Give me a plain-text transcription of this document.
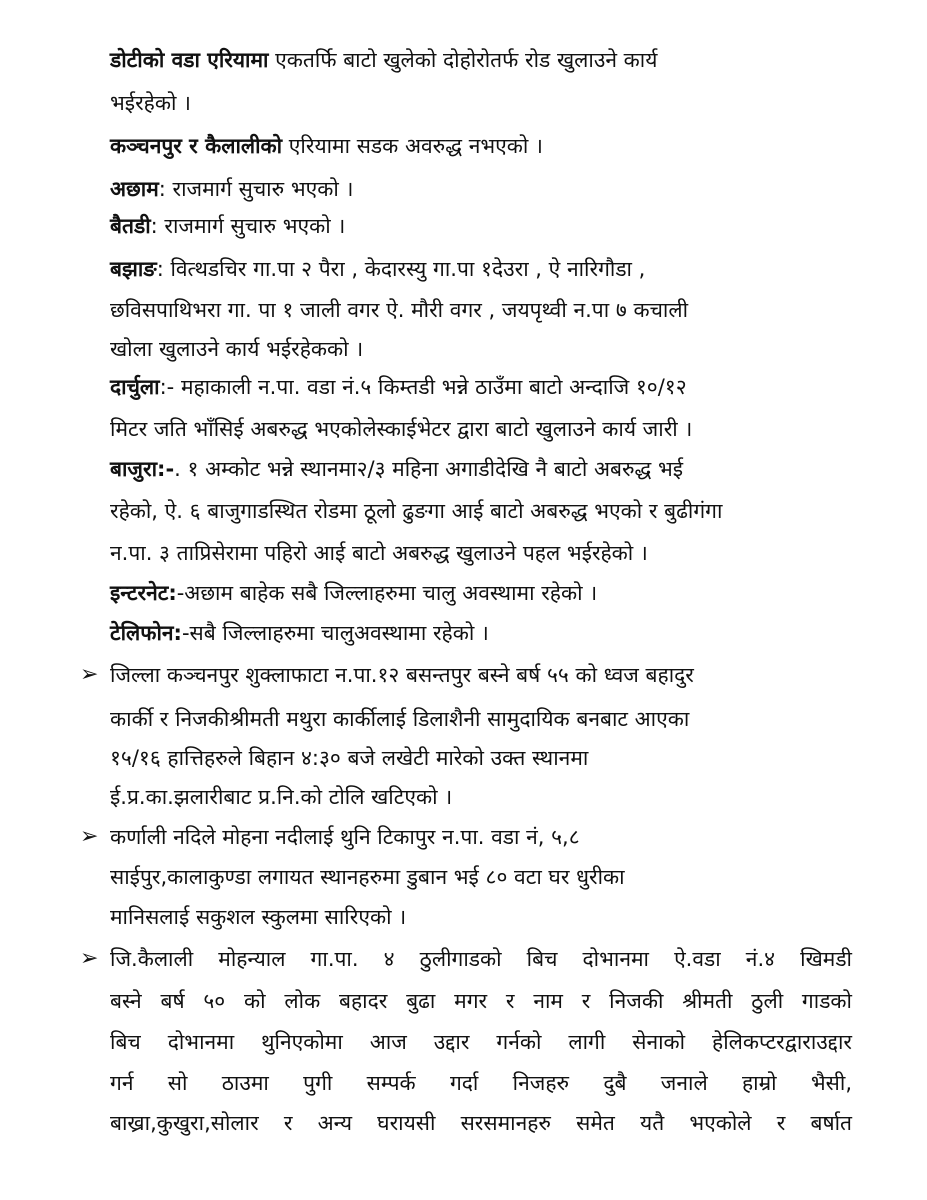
डोटीको वडा एरियामा एकतर्फि बाटो खुलेको दोहोरोतर्फ रोड खुलाउने कार्य
भईरहेको ।
कञ्चनपुर र कैलालीको एरियामा सडक अवरुद्ध नभएको ।
अछाम: राजमार्ग सुचारु भएको ।
बैतडी: राजमार्ग सुचारु भएको ।
बझाङ: वित्थडचिर गा.पा २ पैरा , केदारस्यु गा.पा १देउरा , ऐ नारिगौडा ,
छविसपाथिभरा गा. पा १ जाली वगर ऐ. मौरी वगर , जयपृथ्वी न.पा ७ कचाली
खोला खुलाउने कार्य भईरहेकको ।
दार्चुला:- महाकाली न.पा. वडा नं.५ किम्तडी भन्ने ठाउँमा बाटो अन्दाजि १०/१२
मिटर जति भाँसिई अबरुद्ध भएकोलेस्काईभेटर द्वारा बाटो खुलाउने कार्य जारी ।
बाजुरा:-. १ अम्कोट भन्ने स्थानमा२/३ महिना अगाडीदेखि नै बाटो अबरुद्ध भई
रहेको, ऐ. ६ बाजुगाडस्थित रोडमा ठूलो ढुङगा आई बाटो अबरुद्ध भएको र बुढीगंगा
न.पा. ३ ताप्रिसेरामा पहिरो आई बाटो अबरुद्ध खुलाउने पहल भईरहेको ।
इन्टरनेट:-अछाम बाहेक सबै जिल्लाहरुमा चालु अवस्थामा रहेको ।
टेलिफोन:-सबै जिल्लाहरुमा चालुअवस्थामा रहेको ।
➢ जिल्ला कञ्चनपुर शुक्लाफाटा न.पा.१२ बसन्तपुर बस्ने बर्ष ५५ को ध्वज बहादुर
कार्की र निजकीश्रीमती मथुरा कार्कीलाई डिलाशैनी सामुदायिक बनबाट आएका
१५/१६ हात्तिहरुले बिहान ४:३० बजे लखेटी मारेको उक्त स्थानमा
ई.प्र.का.झलारीबाट प्र.नि.को टोलि खटिएको ।
➢ कर्णाली नदिले मोहना नदीलाई थुनि टिकापुर न.पा. वडा नं, ५,८
साईपुर,कालाकुण्डा लगायत स्थानहरुमा डुबान भई ८० वटा घर धुरीका
मानिसलाई सकुशल स्कुलमा सारिएको ।
➢ जि.कैलाली मोहन्याल गा.पा. ४ ठुलीगाडको बिच दोभानमा ऐ.वडा नं.४ खिमडी
बस्ने बर्ष ५० को लोक बहादर बुढा मगर र नाम र निजकी श्रीमती ठुली गाडको
बिच दोभानमा थुनिएकोमा आज उद्दार गर्नको लागी सेनाको हेलिकप्टरद्वाराउद्दार
गर्न सो ठाउमा पुगी सम्पर्क गर्दा निजहरु दुबै जनाले हाम्रो भैसी,
बाख्रा,कुखुरा,सोलार र अन्य घरायसी सरसमानहरु समेत यतै भएकोले र बर्षात
